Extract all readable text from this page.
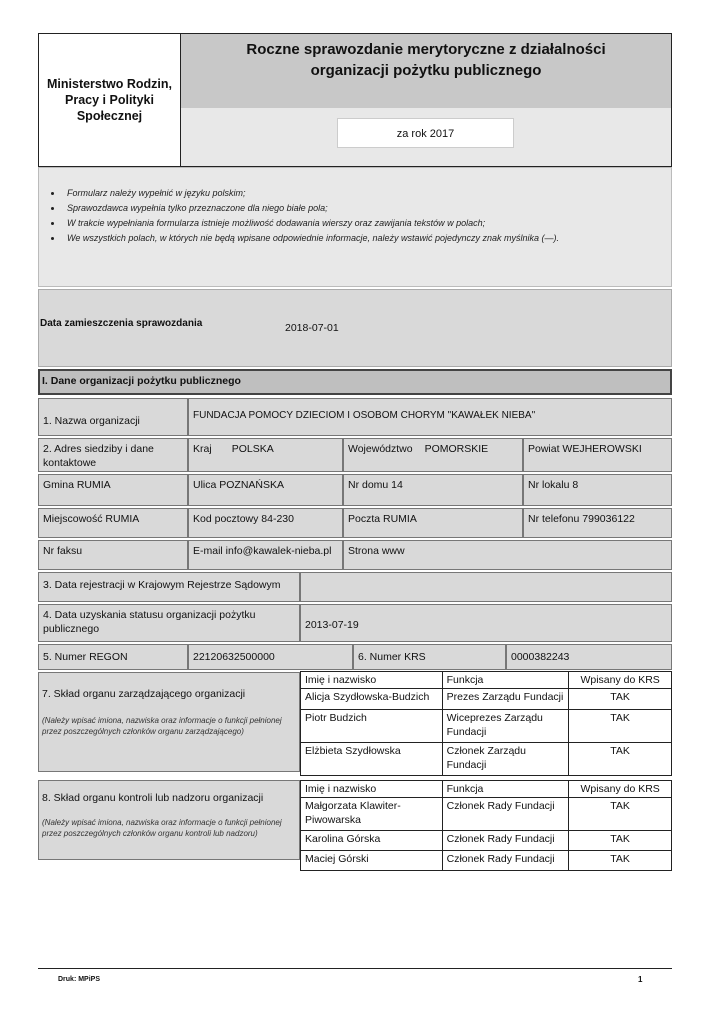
Ministerstwo Rodzin, Pracy i Polityki Społecznej
Roczne sprawozdanie merytoryczne z działalności
organizacji pożytku publicznego
za rok 2017
• Formularz należy wypełnić w języku polskim;
• Sprawozdawca wypełnia tylko przeznaczone dla niego białe pola;
• W trakcie wypełniania formularza istnieje możliwość dodawania wierszy oraz zawijania tekstów w polach;
• We wszystkich polach, w których nie będą wpisane odpowiednie informacje, należy wstawić pojedynczy znak myślnika (—).
Data zamieszczenia sprawozdania	2018-07-01
I. Dane organizacji pożytku publicznego
1. Nazwa organizacji	FUNDACJA POMOCY DZIECIOM I OSOBOM CHORYM "KAWAŁEK NIEBA"
2. Adres siedziby i dane kontaktowe
Kraj POLSKA	Województwo POMORSKIE	Powiat WEJHEROWSKI
Gmina RUMIA	Ulica POZNAŃSKA	Nr domu 14	Nr lokalu 8
Miejscowość RUMIA	Kod pocztowy 84-230	Poczta RUMIA	Nr telefonu 799036122
Nr faksu	E-mail info@kawalek-nieba.pl	Strona www
3. Data rejestracji w Krajowym Rejestrze Sądowym
4. Data uzyskania statusu organizacji pożytku publicznego	2013-07-19
5. Numer REGON	22120632500000	6. Numer KRS	0000382243
7. Skład organu zarządzającego organizacji
(Należy wpisać imiona, nazwiska oraz informacje o funkcji pełnionej przez poszczególnych członków organu zarządzającego)
Imię i nazwisko	Funkcja	Wpisany do KRS
Alicja Szydłowska-Budzich	Prezes Zarządu Fundacji	TAK
Piotr Budzich	Wiceprezes Zarządu Fundacji	TAK
Elżbieta Szydłowska	Członek Zarządu Fundacji	TAK
8. Skład organu kontroli lub nadzoru organizacji
(Należy wpisać imiona, nazwiska oraz informacje o funkcji pełnionej przez poszczególnych członków organu kontroli lub nadzoru)
Imię i nazwisko	Funkcja	Wpisany do KRS
Małgorzata Klawiter-Piwowarska	Członek Rady Fundacji	TAK
Karolina Górska	Członek Rady Fundacji	TAK
Maciej Górski	Członek Rady Fundacji	TAK
Druk: MPiPS	1
